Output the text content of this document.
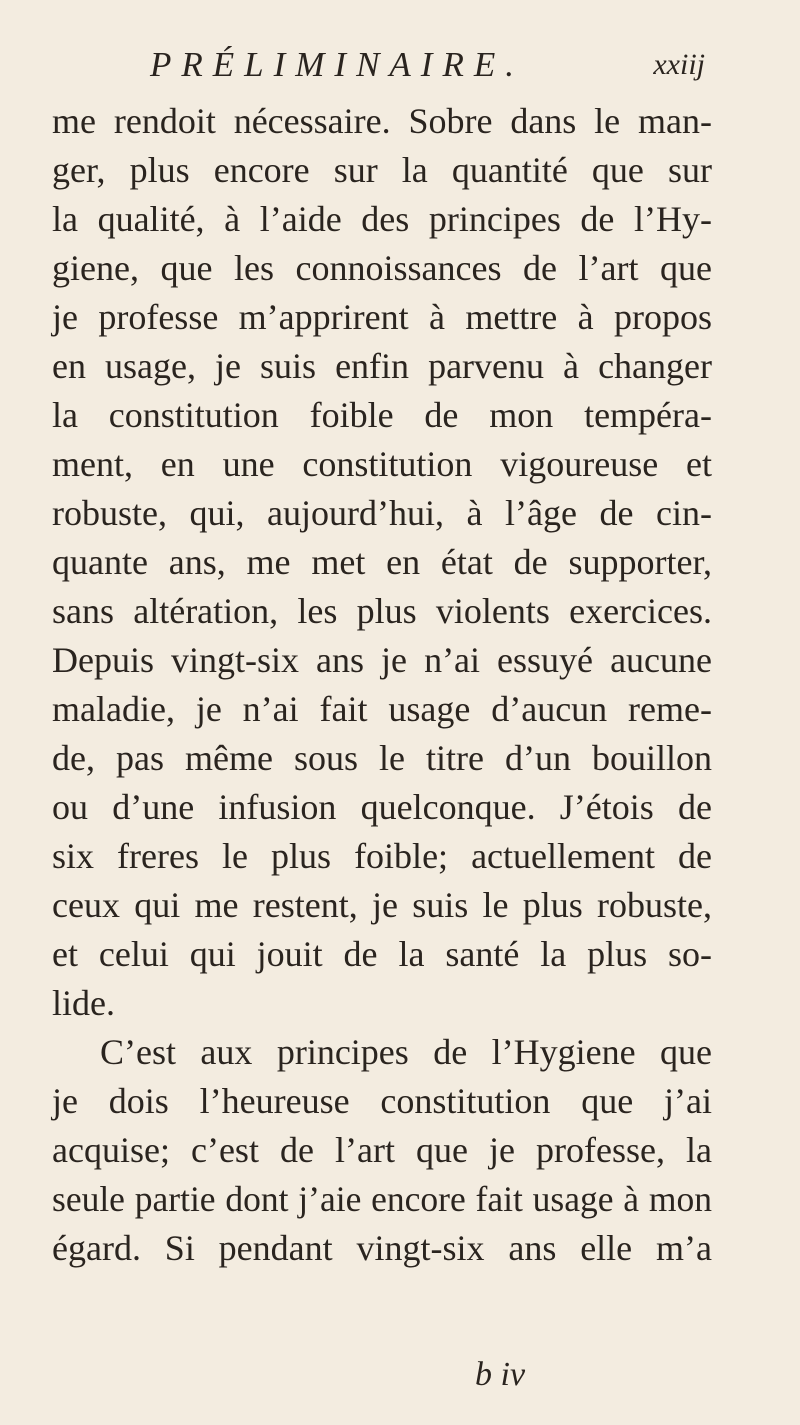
PRÉLIMINAIRE.	xxiij
me rendoit nécessaire. Sobre dans le man-
ger, plus encore sur la quantité que sur
la qualité, à l’aide des principes de l’Hy-
giene, que les connoissances de l’art que
je professe m’apprirent à mettre à propos
en usage, je suis enfin parvenu à changer
la constitution foible de mon tempéra-
ment, en une constitution vigoureuse et
robuste, qui, aujourd’hui, à l’âge de cin-
quante ans, me met en état de supporter,
sans altération, les plus violents exercices.
Depuis vingt-six ans je n’ai essuyé aucune
maladie, je n’ai fait usage d’aucun reme-
de, pas même sous le titre d’un bouillon
ou d’une infusion quelconque. J’étois de
six freres le plus foible; actuellement de
ceux qui me restent, je suis le plus robuste,
et celui qui jouit de la santé la plus so-
lide.
C’est aux principes de l’Hygiene que
je dois l’heureuse constitution que j’ai
acquise; c’est de l’art que je professe, la
seule partie dont j’aie encore fait usage à mon
égard. Si pendant vingt-six ans elle m’a
b iv
